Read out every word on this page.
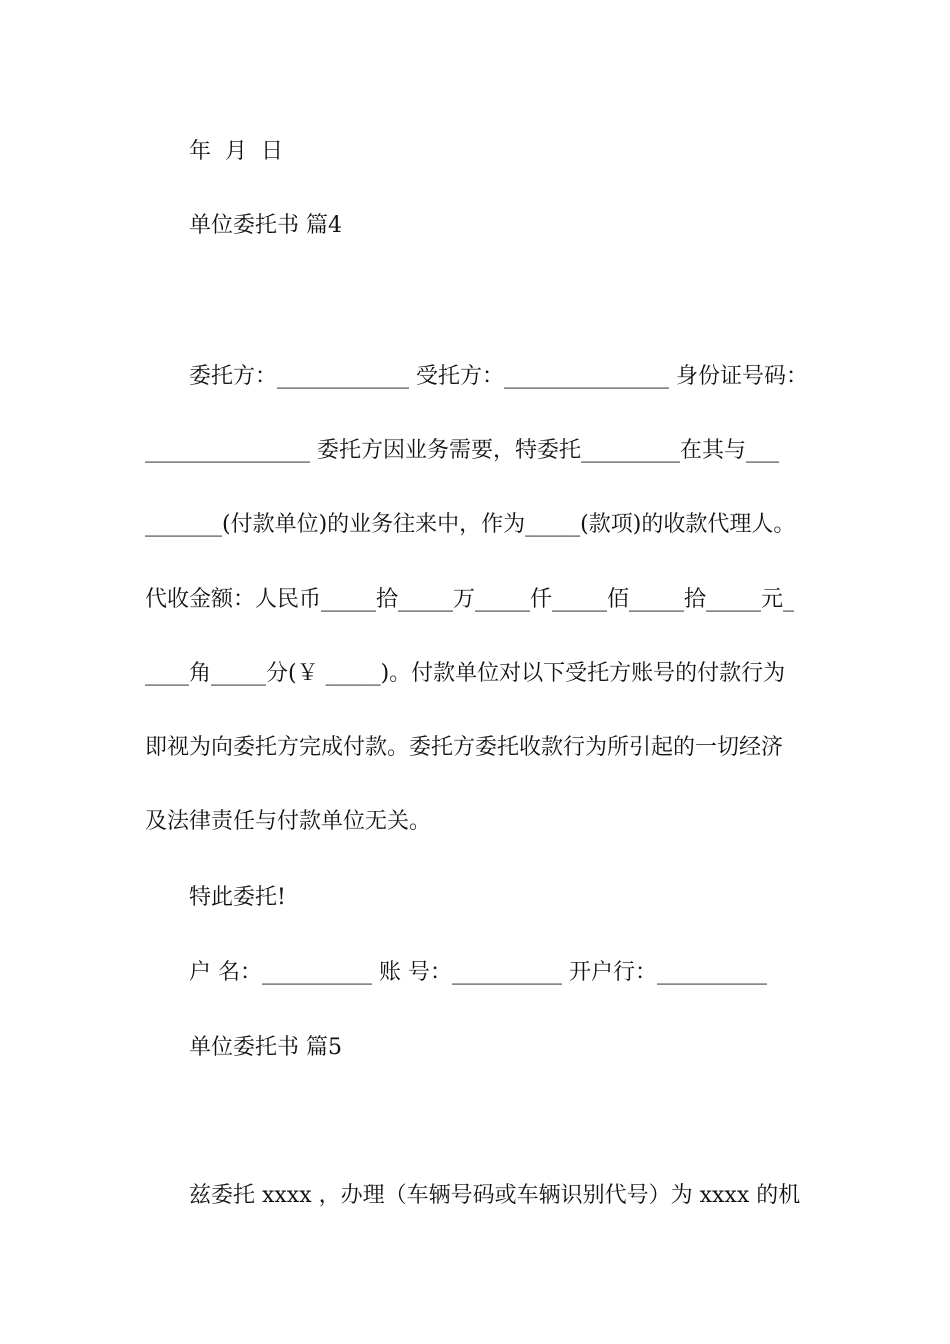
年  月  日
单位委托书 篇4
委托方：____________ 受托方：_______________ 身份证号码：
_______________ 委托方因业务需要，特委托_________在其与___
_______(付款单位)的业务往来中，作为_____(款项)的收款代理人。
代收金额：人民币_____拾_____万_____仟_____佰_____拾_____元_
____角_____分(￥ _____)。付款单位对以下受托方账号的付款行为
即视为向委托方完成付款。委托方委托收款行为所引起的一切经济
及法律责任与付款单位无关。
特此委托!
户 名：__________ 账 号：__________ 开户行：__________
单位委托书 篇5
兹委托 xxxx ，办理（车辆号码或车辆识别代号）为 xxxx 的机
